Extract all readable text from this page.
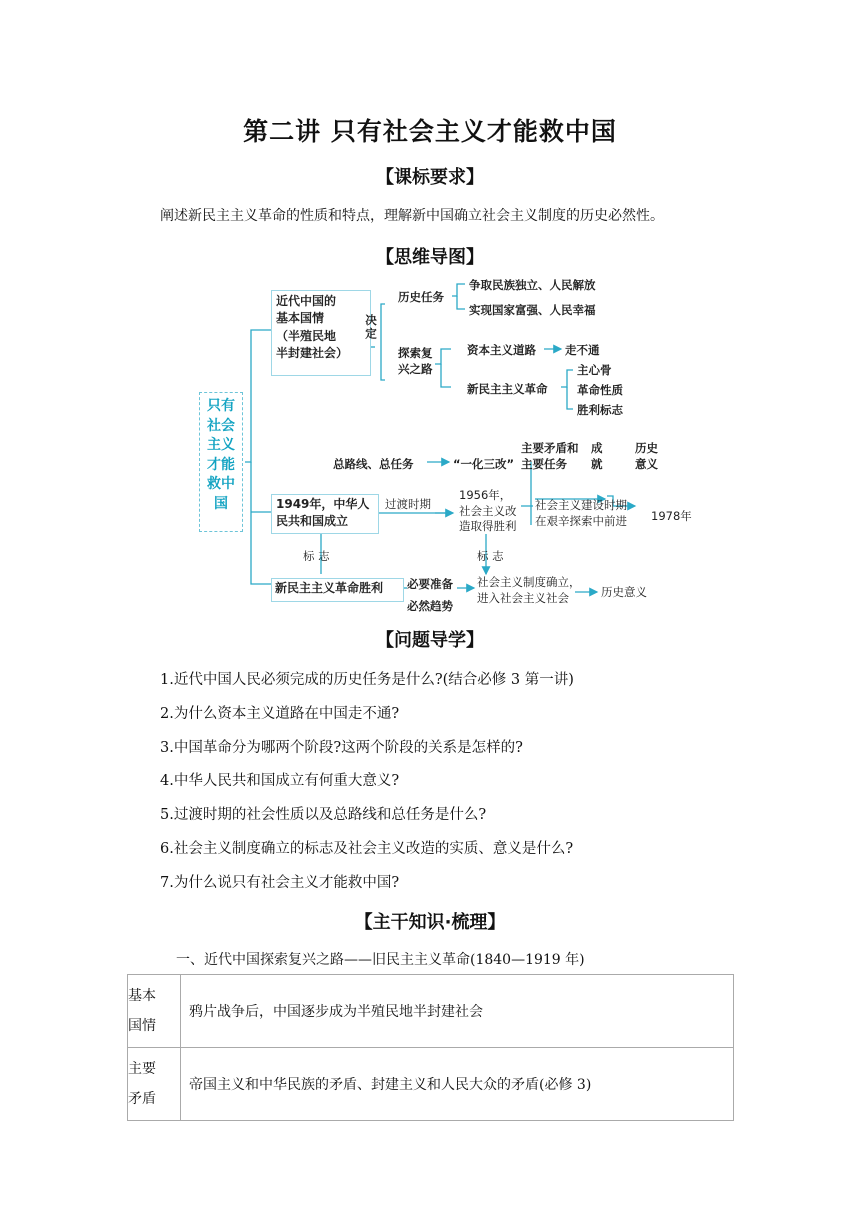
第二讲 只有社会主义才能救中国
【课标要求】
阐述新民主主义革命的性质和特点，理解新中国确立社会主义制度的历史必然性。
【思维导图】
只有
社会
主义
才能
救中
国
近代中国的
基本国情
（半殖民地
半封建社会）
决定
历史任务
争取民族独立、人民解放
实现国家富强、人民幸福
探索复
兴之路
资本主义道路	走不通
新民主主义革命
主心骨
革命性质
胜利标志
总路线、总任务	“一化三改”
主要矛盾和
主要任务
成
就
历史
意义
1949年，中华人
民共和国成立
过渡时期
1956年，
社会主义改
造取得胜利
社会主义建设时期
在艰辛探索中前进 1978年
标 志	标 志
新民主主义革命胜利	必要准备
必然趋势
社会主义制度确立，
进入社会主义社会	历史意义
【问题导学】
1.近代中国人民必须完成的历史任务是什么?(结合必修 3 第一讲)
2.为什么资本主义道路在中国走不通?
3.中国革命分为哪两个阶段?这两个阶段的关系是怎样的?
4.中华人民共和国成立有何重大意义?
5.过渡时期的社会性质以及总路线和总任务是什么?
6.社会主义制度确立的标志及社会主义改造的实质、意义是什么?
7.为什么说只有社会主义才能救中国?
【主干知识·梳理】
一、近代中国探索复兴之路——旧民主主义革命(1840—1919 年)
基本
国情	鸦片战争后，中国逐步成为半殖民地半封建社会

主要
矛盾	帝国主义和中华民族的矛盾、封建主义和人民大众的矛盾(必修 3)
